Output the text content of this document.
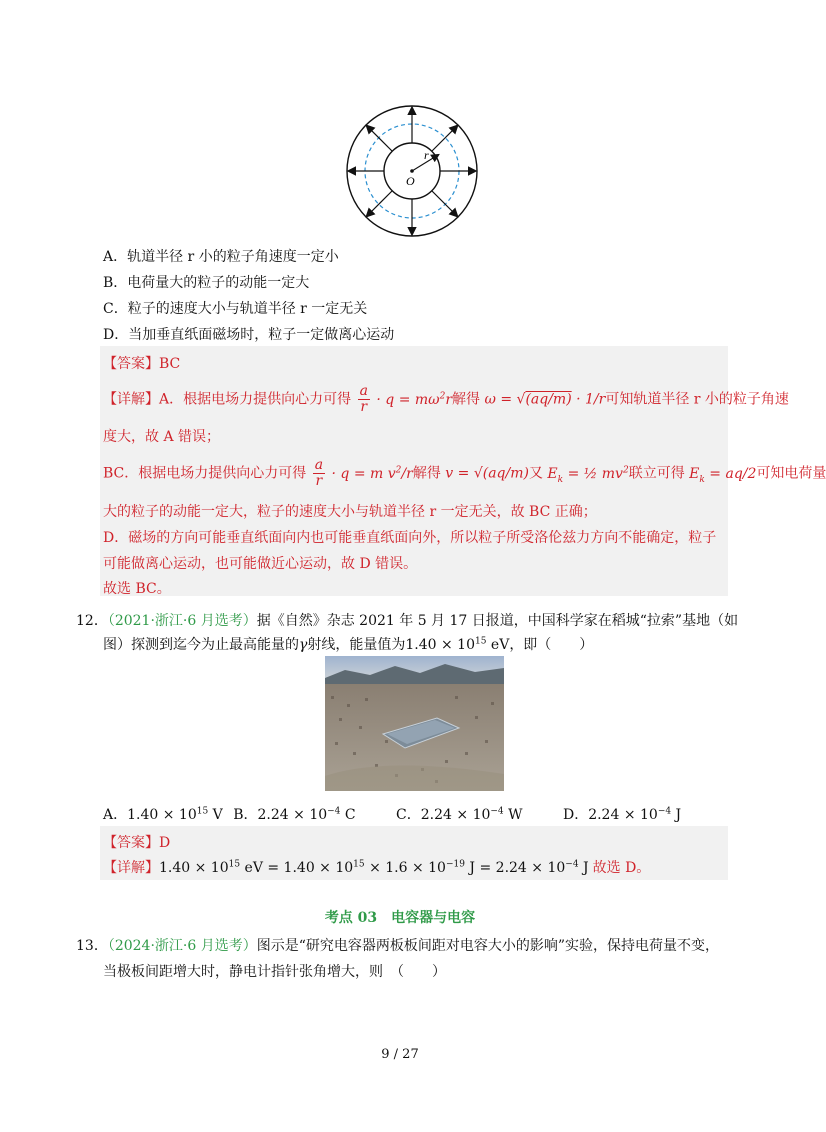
r
O
A．轨道半径 r 小的粒子角速度一定小
B．电荷量大的粒子的动能一定大
C．粒子的速度大小与轨道半径 r 一定无关
D．当加垂直纸面磁场时，粒子一定做离心运动
【答案】BC
【详解】A．根据电场力提供向心力可得 $\frac{a}{r} \cdot q = m\omega^2r$解得 ω = √(aq/m) · 1/r可知轨道半径 r 小的粒子角速
度大，故 A 错误；
BC．根据电场力提供向心力可得 $\frac{a}{r} \cdot q = m$ $v^2/r$解得 v = √(aq/m)又 $E_k$ = ½ $mv^2$联立可得 $E_k = aq/2$可知电荷量
大的粒子的动能一定大，粒子的速度大小与轨道半径 r 一定无关，故 BC 正确；
D．磁场的方向可能垂直纸面向内也可能垂直纸面向外，所以粒子所受洛伦兹力方向不能确定，粒子
可能做离心运动，也可能做近心运动，故 D 错误。
故选 BC。
12．（2021·浙江·6 月选考）据《自然》杂志 2021 年 5 月 17 日报道，中国科学家在稻城“拉索”基地（如
图）探测到迄今为止最高能量的γ射线，能量值为$1.40 \times 10^{15}$ eV，即（　　）
A．$1.40 \times 10^{15}$ V B．$2.24 \times 10^{-4}$ C	C．$2.24 \times 10^{-4}$ W	D．$2.24 \times 10^{-4}$ J
【答案】D
【详解】$1.40 \times 10^{15}$ eV = $1.40 \times 10^{15} \times 1.6 \times 10^{-19}$ $J = 2.24 \times 10^{-4}$ J 故选 D。
考点 03　电容器与电容
13．（2024·浙江·6 月选考）图示是“研究电容器两板板间距对电容大小的影响”实验，保持电荷量不变，
当极板间距增大时，静电计指针张角增大，则　（　　）
9 / 27
